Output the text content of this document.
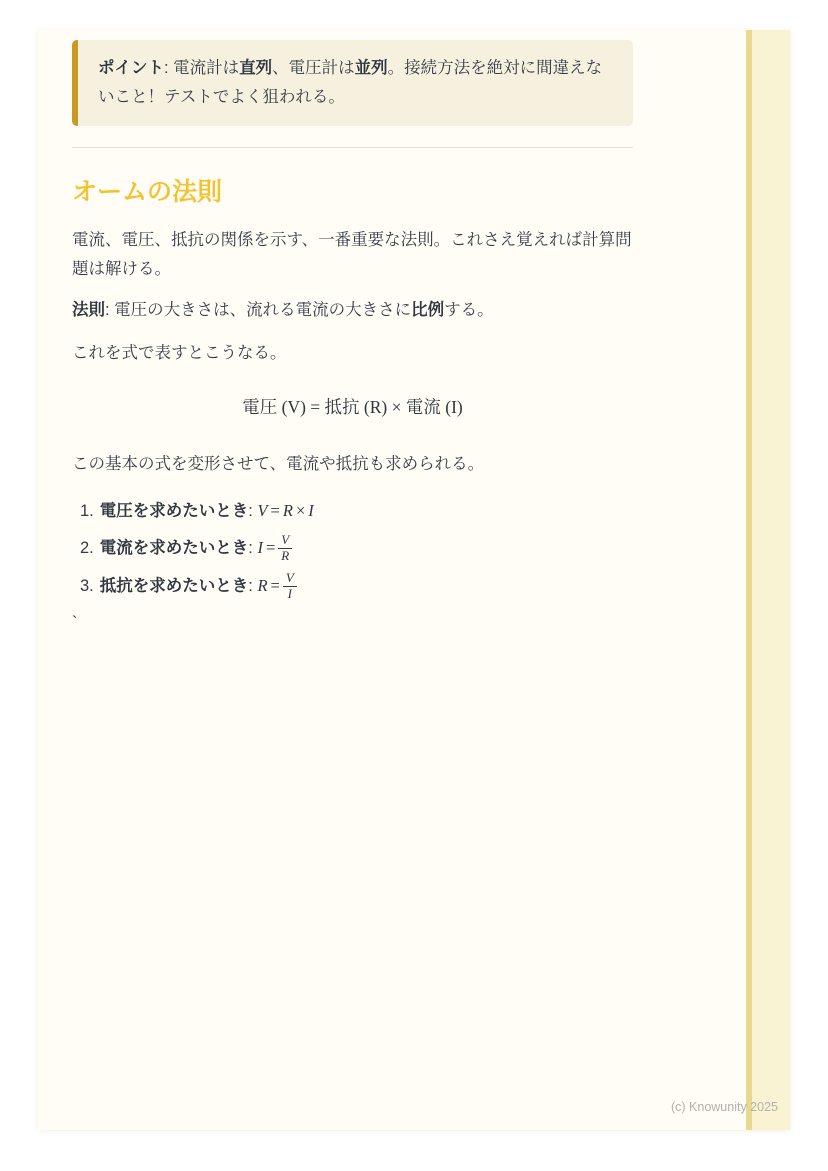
ポイント: 電流計は直列、電圧計は並列。接続方法を絶対に間違えないこと！テストでよく狙われる。
オームの法則

電流、電圧、抵抗の関係を示す、一番重要な法則。これさえ覚えれば計算問題は解ける。

法則: 電圧の大きさは、流れる電流の大きさに比例する。

これを式で表すとこうなる。

電圧 (V) = 抵抗 (R) × 電流 (I)

この基本の式を変形させて、電流や抵抗も求められる。

1. 電圧を求めたいとき: V = R × I
2. 電流を求めたいとき: $I = \frac{V}{R}$
3. 抵抗を求めたいとき: $R = \frac{V}{I}$

`

(c) Knowunity 2025
